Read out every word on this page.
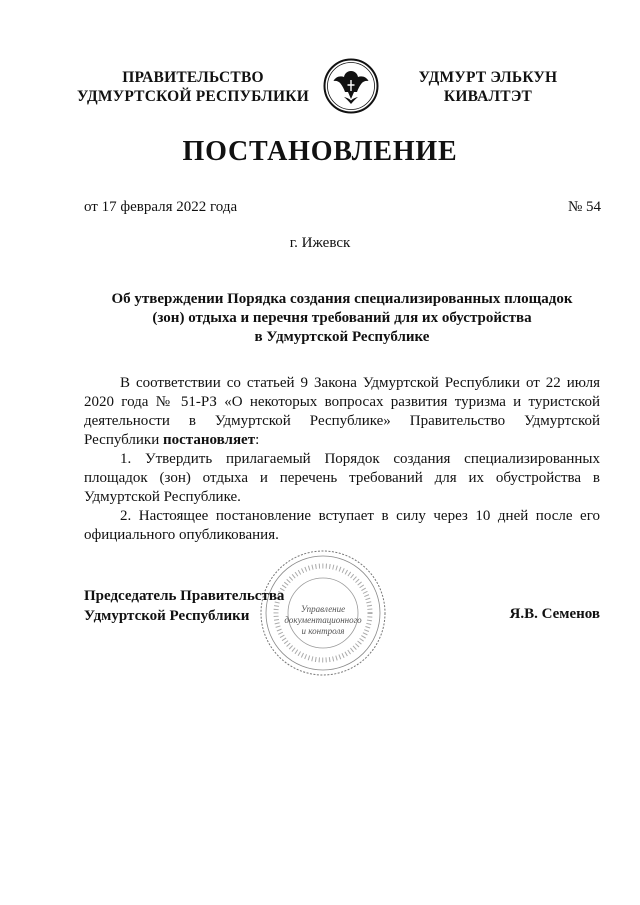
ПРАВИТЕЛЬСТВО
УДМУРТСКОЙ РЕСПУБЛИКИ
УДМУРТ ЭЛЬКУН
КИВАЛТЭТ
ПОСТАНОВЛЕНИЕ
от 17 февраля 2022 года	№ 54
г. Ижевск
Об утверждении Порядка создания специализированных площадок
(зон) отдыха и перечня требований для их обустройства
в Удмуртской Республике

В соответствии со статьей 9 Закона Удмуртской Республики от 22 июля 2020 года № 51-РЗ «О некоторых вопросах развития туризма и туристской деятельности в Удмуртской Республике» Правительство Удмуртской Республики постановляет:

1. Утвердить прилагаемый Порядок создания специализированных площадок (зон) отдыха и перечень требований для их обустройства в Удмуртской Республике.

2. Настоящее постановление вступает в силу через 10 дней после его официального опубликования.

Управление
документационного
и контроля
Председатель Правительства
Удмуртской Республики	Я.В. Семенов
